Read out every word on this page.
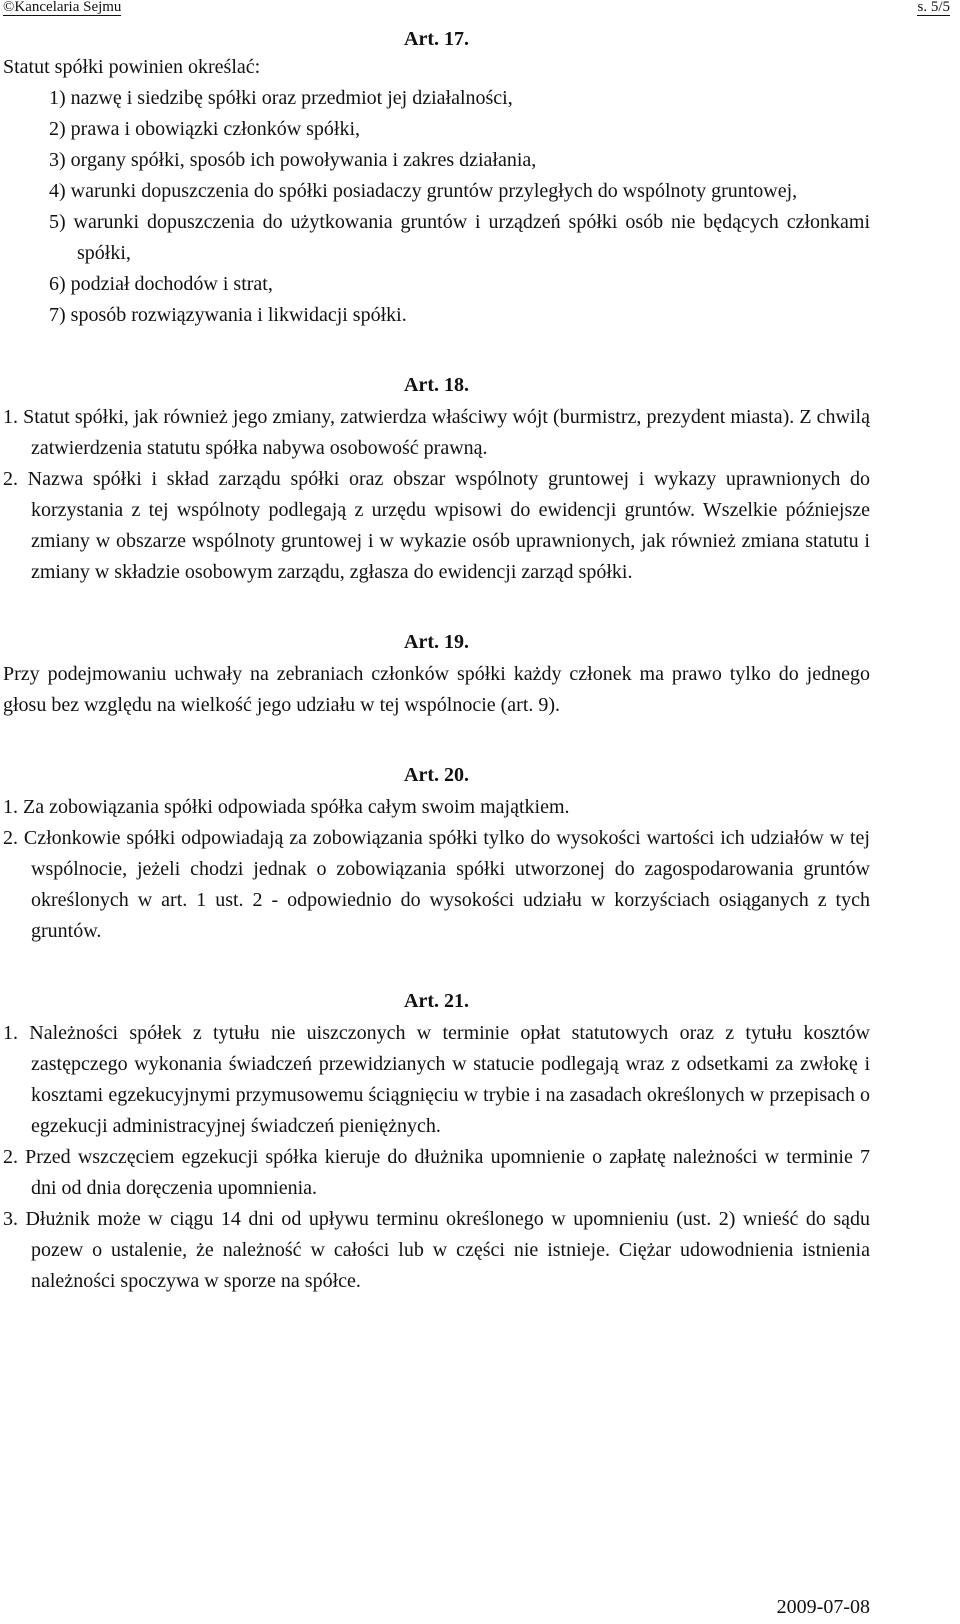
©Kancelaria Sejmu	s. 5/5
Art. 17.

Statut spółki powinien określać:

1) nazwę i siedzibę spółki oraz przedmiot jej działalności,

2) prawa i obowiązki członków spółki,

3) organy spółki, sposób ich powoływania i zakres działania,

4) warunki dopuszczenia do spółki posiadaczy gruntów przyległych do wspólnoty gruntowej,

5) warunki dopuszczenia do użytkowania gruntów i urządzeń spółki osób nie będących członkami spółki,

6) podział dochodów i strat,

7) sposób rozwiązywania i likwidacji spółki.

Art. 18.

1. Statut spółki, jak również jego zmiany, zatwierdza właściwy wójt (burmistrz, prezydent miasta). Z chwilą zatwierdzenia statutu spółka nabywa osobowość prawną.

2. Nazwa spółki i skład zarządu spółki oraz obszar wspólnoty gruntowej i wykazy uprawnionych do korzystania z tej wspólnoty podlegają z urzędu wpisowi do ewidencji gruntów. Wszelkie późniejsze zmiany w obszarze wspólnoty gruntowej i w wykazie osób uprawnionych, jak również zmiana statutu i zmiany w składzie osobowym zarządu, zgłasza do ewidencji zarząd spółki.

Art. 19.

Przy podejmowaniu uchwały na zebraniach członków spółki każdy członek ma prawo tylko do jednego głosu bez względu na wielkość jego udziału w tej wspólnocie (art. 9).

Art. 20.

1. Za zobowiązania spółki odpowiada spółka całym swoim majątkiem.

2. Członkowie spółki odpowiadają za zobowiązania spółki tylko do wysokości wartości ich udziałów w tej wspólnocie, jeżeli chodzi jednak o zobowiązania spółki utworzonej do zagospodarowania gruntów określonych w art. 1 ust. 2 - odpowiednio do wysokości udziału w korzyściach osiąganych z tych gruntów.

Art. 21.

1. Należności spółek z tytułu nie uiszczonych w terminie opłat statutowych oraz z tytułu kosztów zastępczego wykonania świadczeń przewidzianych w statucie podlegają wraz z odsetkami za zwłokę i kosztami egzekucyjnymi przymusowemu ściągnięciu w trybie i na zasadach określonych w przepisach o egzekucji administracyjnej świadczeń pieniężnych.

2. Przed wszczęciem egzekucji spółka kieruje do dłużnika upomnienie o zapłatę należności w terminie 7 dni od dnia doręczenia upomnienia.

3. Dłużnik może w ciągu 14 dni od upływu terminu określonego w upomnieniu (ust. 2) wnieść do sądu pozew o ustalenie, że należność w całości lub w części nie istnieje. Ciężar udowodnienia istnienia należności spoczywa w sporze na spółce.

2009-07-08
